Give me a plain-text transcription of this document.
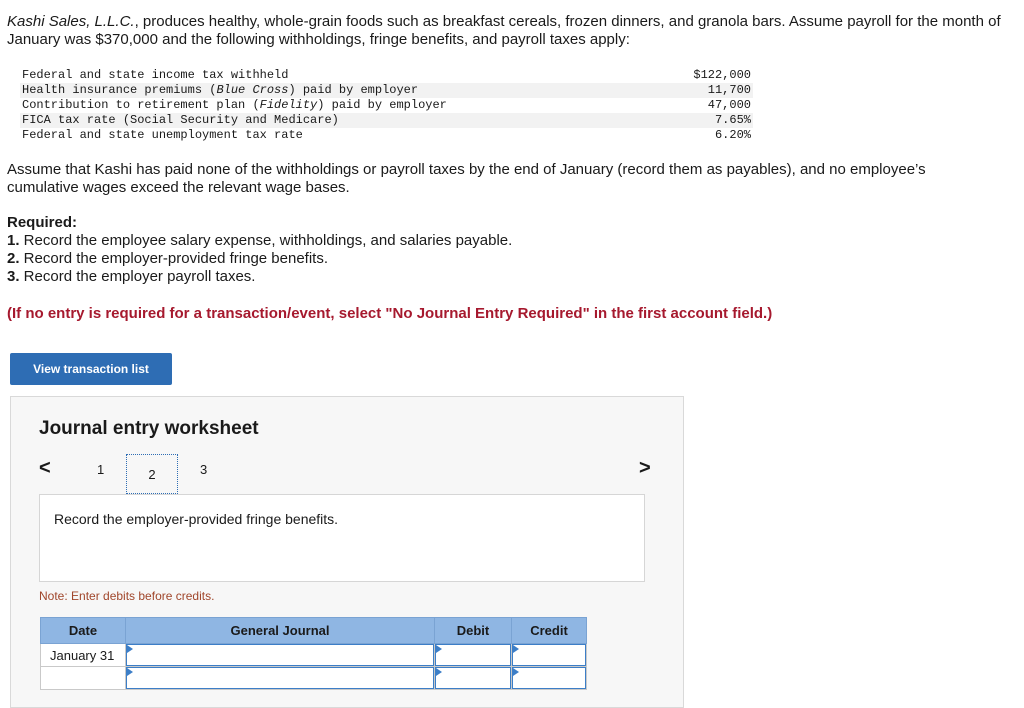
Kashi Sales, L.L.C., produces healthy, whole-grain foods such as breakfast cereals, frozen dinners, and granola bars. Assume payroll for the month of January was $370,000 and the following withholdings, fringe benefits, and payroll taxes apply:
Federal and state income tax withheld	$122,000
Health insurance premiums (Blue Cross) paid by employer	11,700
Contribution to retirement plan (Fidelity) paid by employer	47,000
FICA tax rate (Social Security and Medicare)	7.65%
Federal and state unemployment tax rate	6.20%
Assume that Kashi has paid none of the withholdings or payroll taxes by the end of January (record them as payables), and no employee’s cumulative wages exceed the relevant wage bases.
Required:
1. Record the employee salary expense, withholdings, and salaries payable.
2. Record the employer-provided fringe benefits.
3. Record the employer payroll taxes.
(If no entry is required for a transaction/event, select "No Journal Entry Required" in the first account field.)
View transaction list
Journal entry worksheet
<	1	2	3	>
Record the employer-provided fringe benefits.
Note: Enter debits before credits.
Date	General Journal	Debit	Credit
January 31	
